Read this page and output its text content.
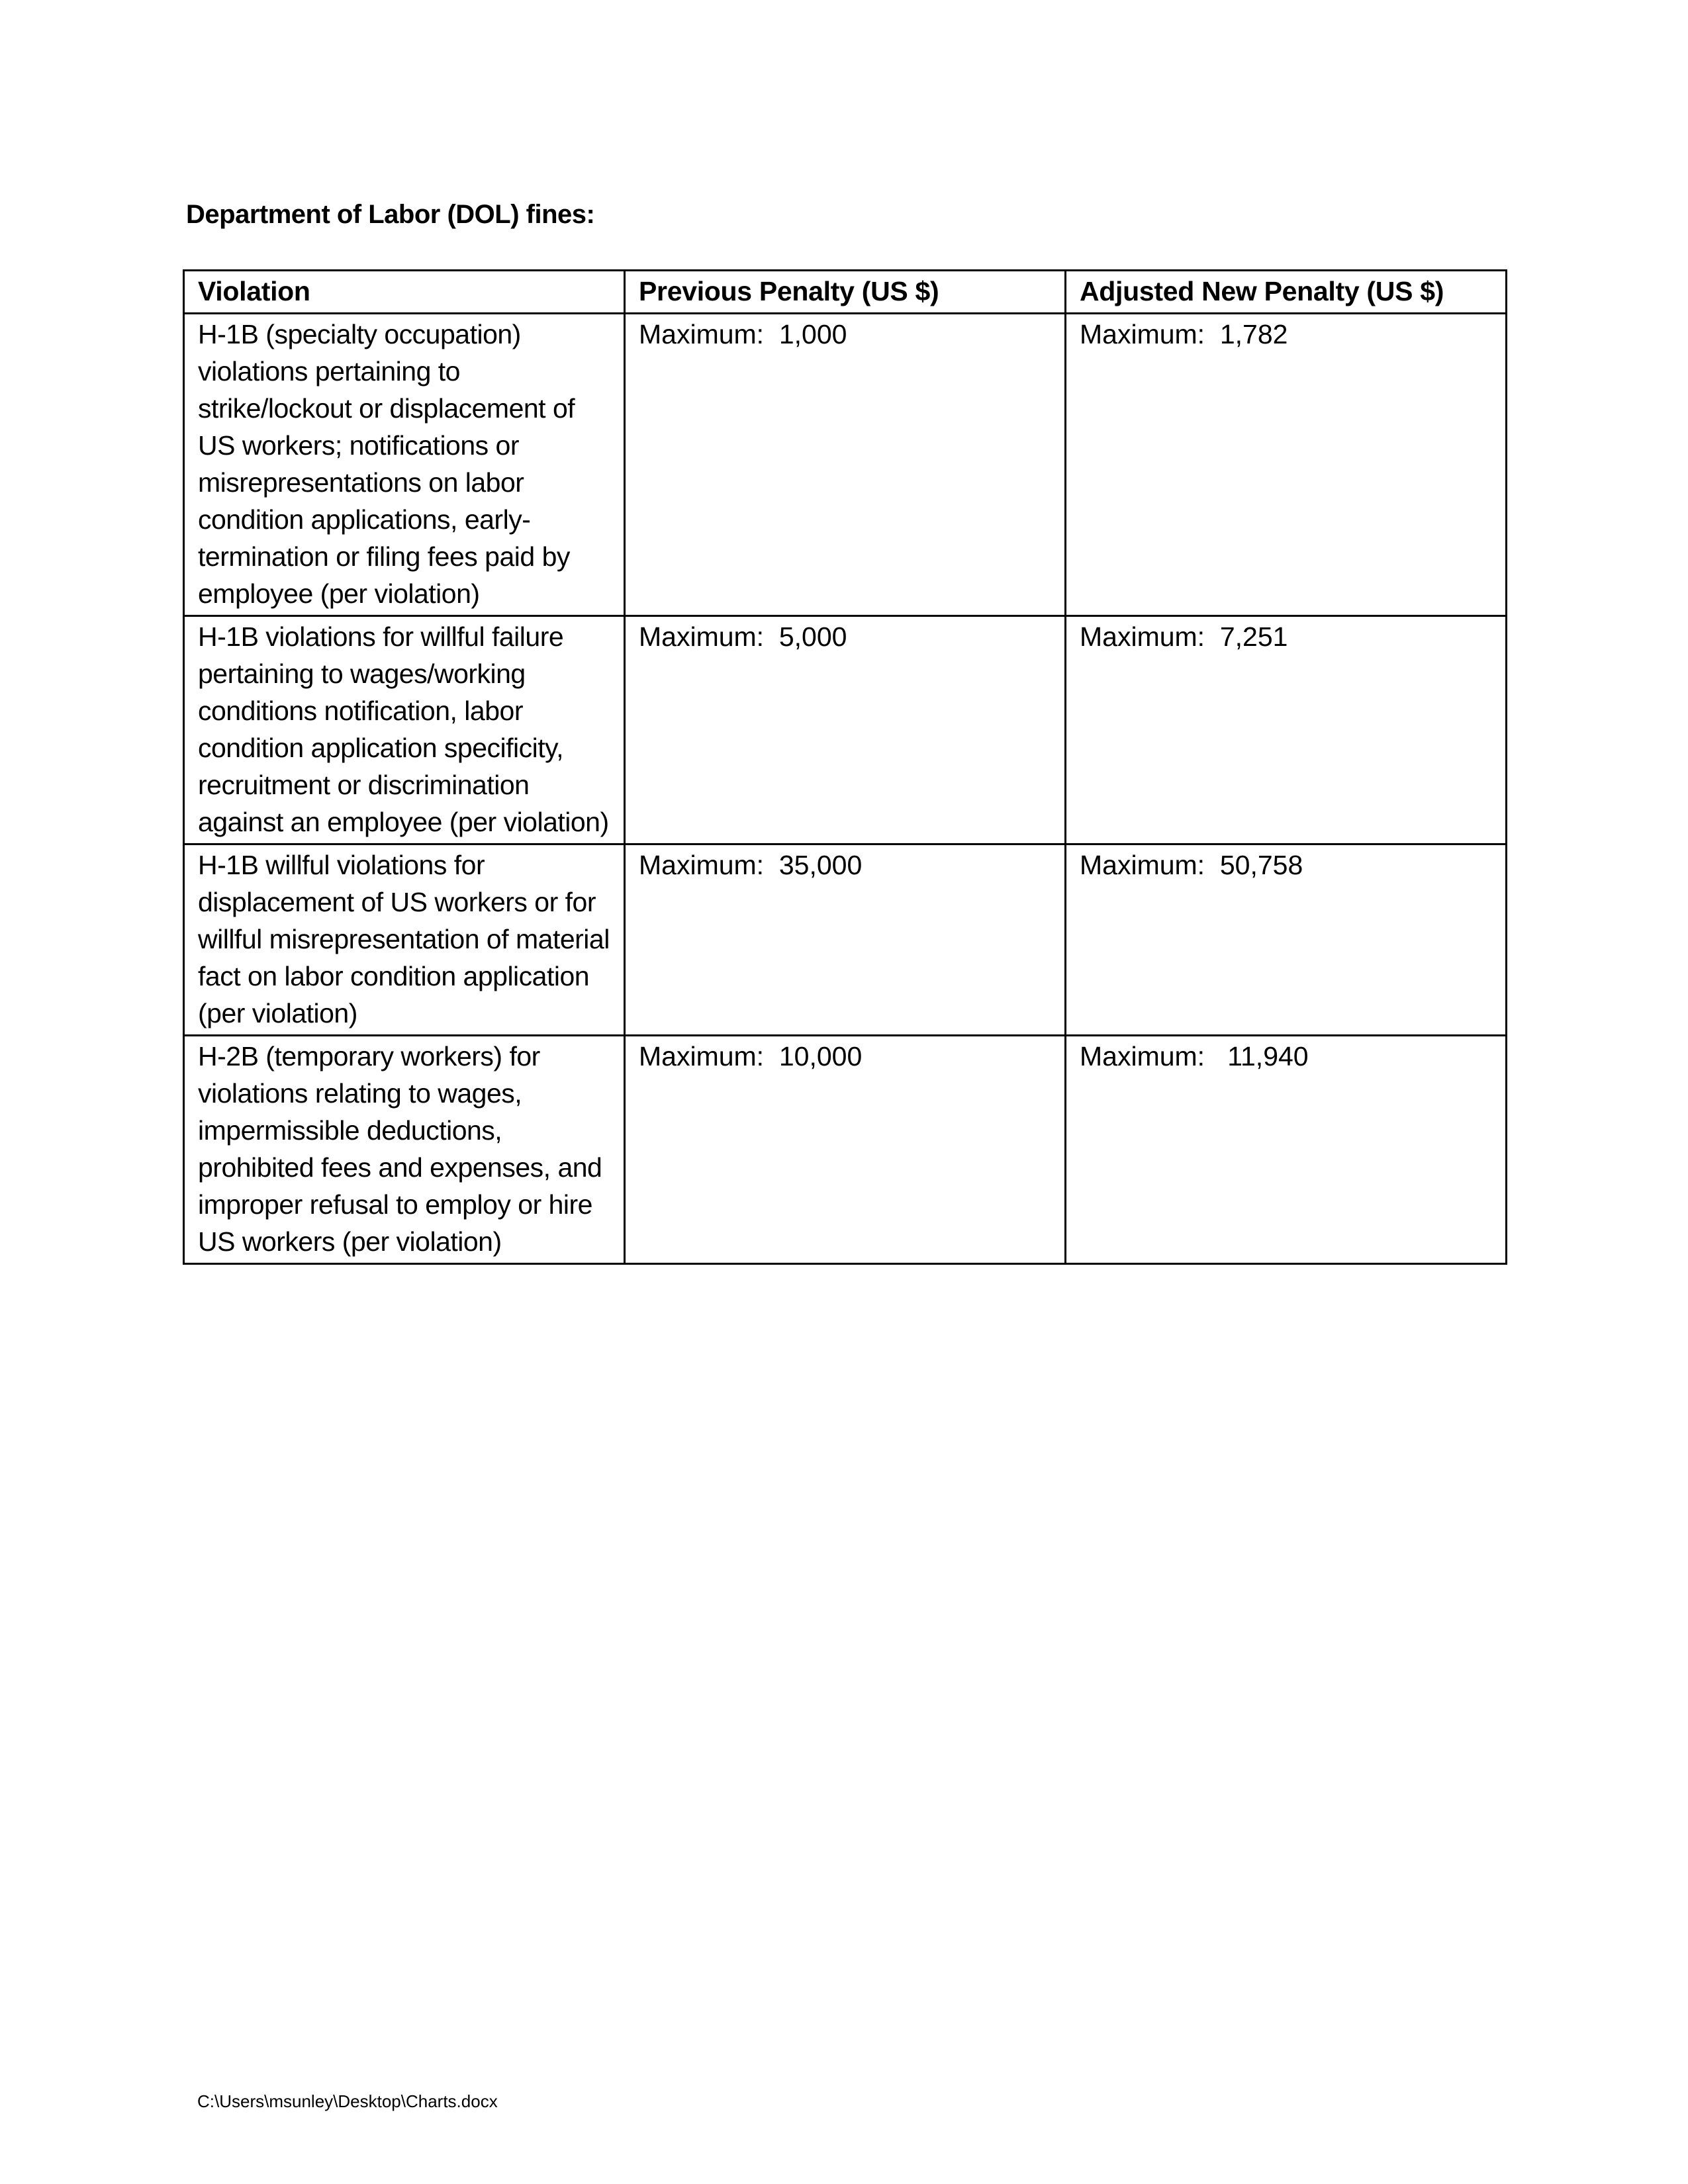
Department of Labor (DOL) fines:
Violation	Previous Penalty (US $)	Adjusted New Penalty (US $)
H-1B (specialty occupation) violations pertaining to strike/lockout or displacement of US workers; notifications or misrepresentations on labor condition applications, early-termination or filing fees paid by employee (per violation)	Maximum:  1,000	Maximum:  1,782
H-1B violations for willful failure pertaining to wages/working conditions notification, labor condition application specificity, recruitment or discrimination against an employee (per violation)	Maximum:  5,000	Maximum:  7,251
H-1B willful violations for displacement of US workers or for willful misrepresentation of material fact on labor condition application (per violation)	Maximum:  35,000	Maximum:  50,758
H-2B (temporary workers) for violations relating to wages, impermissible deductions, prohibited fees and expenses, and improper refusal to employ or hire US workers (per violation)	Maximum:  10,000	Maximum:   11,940
C:\Users\msunley\Desktop\Charts.docx
